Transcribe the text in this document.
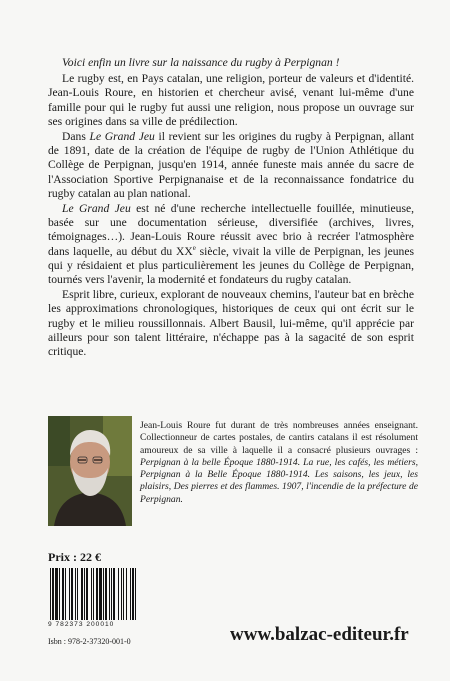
Voici enfin un livre sur la naissance du rugby à Perpignan !

Le rugby est, en Pays catalan, une religion, porteur de valeurs et d'identité. Jean-Louis Roure, en historien et chercheur avisé, venant lui-même d'une famille pour qui le rugby fut aussi une religion, nous propose un ouvrage sur ses origines dans sa ville de prédilection.

Dans Le Grand Jeu il revient sur les origines du rugby à Perpignan, allant de 1891, date de la création de l'équipe de rugby de l'Union Athlétique du Collège de Perpignan, jusqu'en 1914, année funeste mais année du sacre de l'Association Sportive Perpignanaise et de la reconnaissance fondatrice du rugby catalan au plan national.

Le Grand Jeu est né d'une recherche intellectuelle fouillée, minutieuse, basée sur une documentation sérieuse, diversifiée (archives, livres, témoignages…). Jean-Louis Roure réussit avec brio à recréer l'atmosphère dans laquelle, au début du XXe siècle, vivait la ville de Perpignan, les jeunes qui y résidaient et plus particulièrement les jeunes du Collège de Perpignan, tournés vers l'avenir, la modernité et fondateurs du rugby catalan.

Esprit libre, curieux, explorant de nouveaux chemins, l'auteur bat en brèche les approximations chronologiques, historiques de ceux qui ont écrit sur le rugby et le milieu roussillonnais. Albert Bausil, lui-même, qu'il apprécie par ailleurs pour son talent littéraire, n'échappe pas à la sagacité de son esprit critique.

Jean-Louis Roure fut durant de très nombreuses années enseignant. Collectionneur de cartes postales, de cantirs catalans il est résolument amoureux de sa ville à laquelle il a consacré plusieurs ouvrages : Perpignan à la belle Époque 1880-1914. La rue, les cafés, les métiers, Perpignan à la Belle Époque 1880-1914. Les saisons, les jeux, les plaisirs, Des pierres et des flammes. 1907, l'incendie de la préfecture de Perpignan.
Prix : 22 €
9 782373 200010
Isbn : 978-2-37320-001-0	www.balzac-editeur.fr
